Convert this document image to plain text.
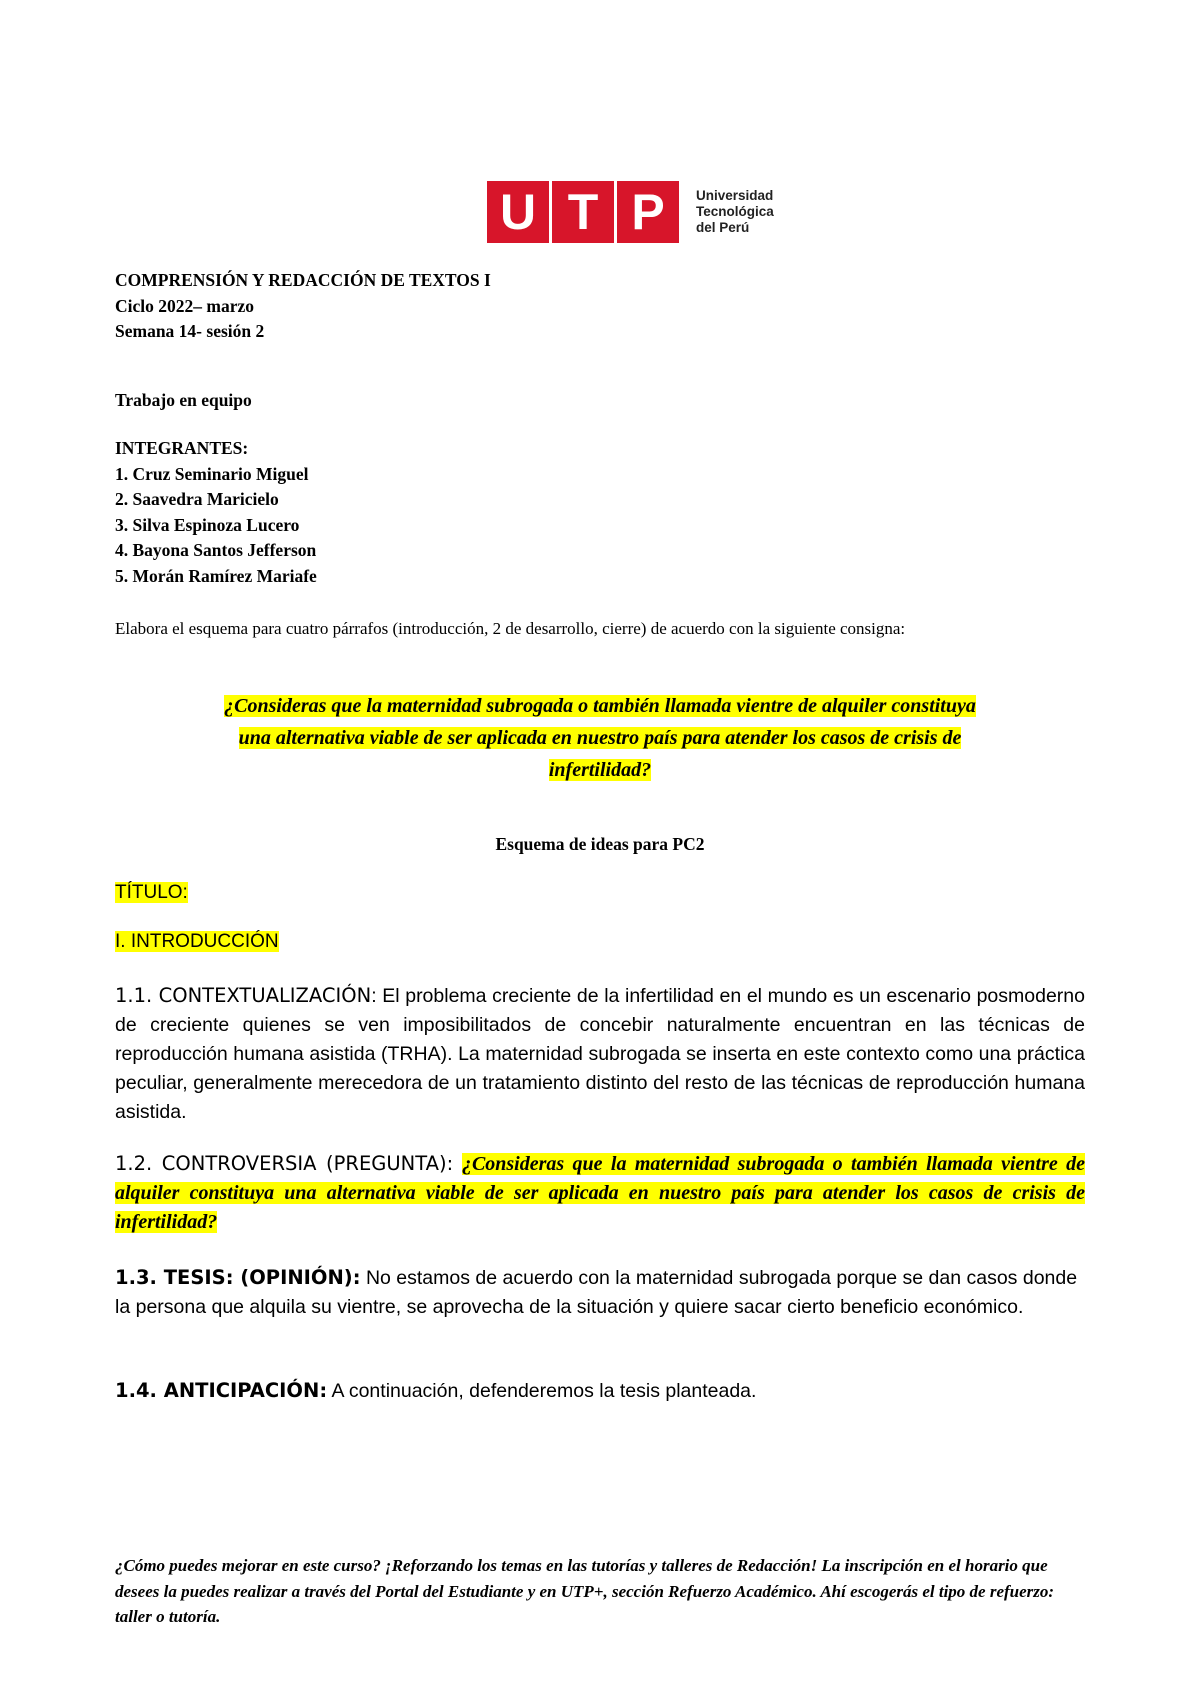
U T P	Universidad
Tecnológica
del Perú
COMPRENSIÓN Y REDACCIÓN DE TEXTOS I
Ciclo 2022– marzo
Semana 14- sesión 2
Trabajo en equipo
INTEGRANTES:
1. Cruz Seminario Miguel
2. Saavedra Maricielo
3. Silva Espinoza Lucero
4. Bayona Santos Jefferson
5. Morán Ramírez Mariafe
Elabora el esquema para cuatro párrafos (introducción, 2 de desarrollo, cierre) de acuerdo con la siguiente consigna:
¿Consideras que la maternidad subrogada o también llamada vientre de alquiler constituya
una alternativa viable de ser aplicada en nuestro país para atender los casos de crisis de
infertilidad?
Esquema de ideas para PC2
TÍTULO:
I. INTRODUCCIÓN
1.1. CONTEXTUALIZACIÓN: El problema creciente de la infertilidad en el mundo es un escenario posmoderno de creciente quienes se ven imposibilitados de concebir naturalmente encuentran en las técnicas de reproducción humana asistida (TRHA). La maternidad subrogada se inserta en este contexto como una práctica peculiar, generalmente merecedora de un tratamiento distinto del resto de las técnicas de reproducción humana asistida.
1.2. CONTROVERSIA (PREGUNTA): ¿Consideras que la maternidad subrogada o también llamada vientre de alquiler constituya una alternativa viable de ser aplicada en nuestro país para atender los casos de crisis de infertilidad?
1.3. TESIS: (OPINIÓN): No estamos de acuerdo con la maternidad subrogada porque se dan casos donde la persona que alquila su vientre, se aprovecha de la situación y quiere sacar cierto beneficio económico.
1.4. ANTICIPACIÓN: A continuación, defenderemos la tesis planteada.
¿Cómo puedes mejorar en este curso? ¡Reforzando los temas en las tutorías y talleres de Redacción! La inscripción en el horario que desees la puedes realizar a través del Portal del Estudiante y en UTP+, sección Refuerzo Académico. Ahí escogerás el tipo de refuerzo: taller o tutoría.
